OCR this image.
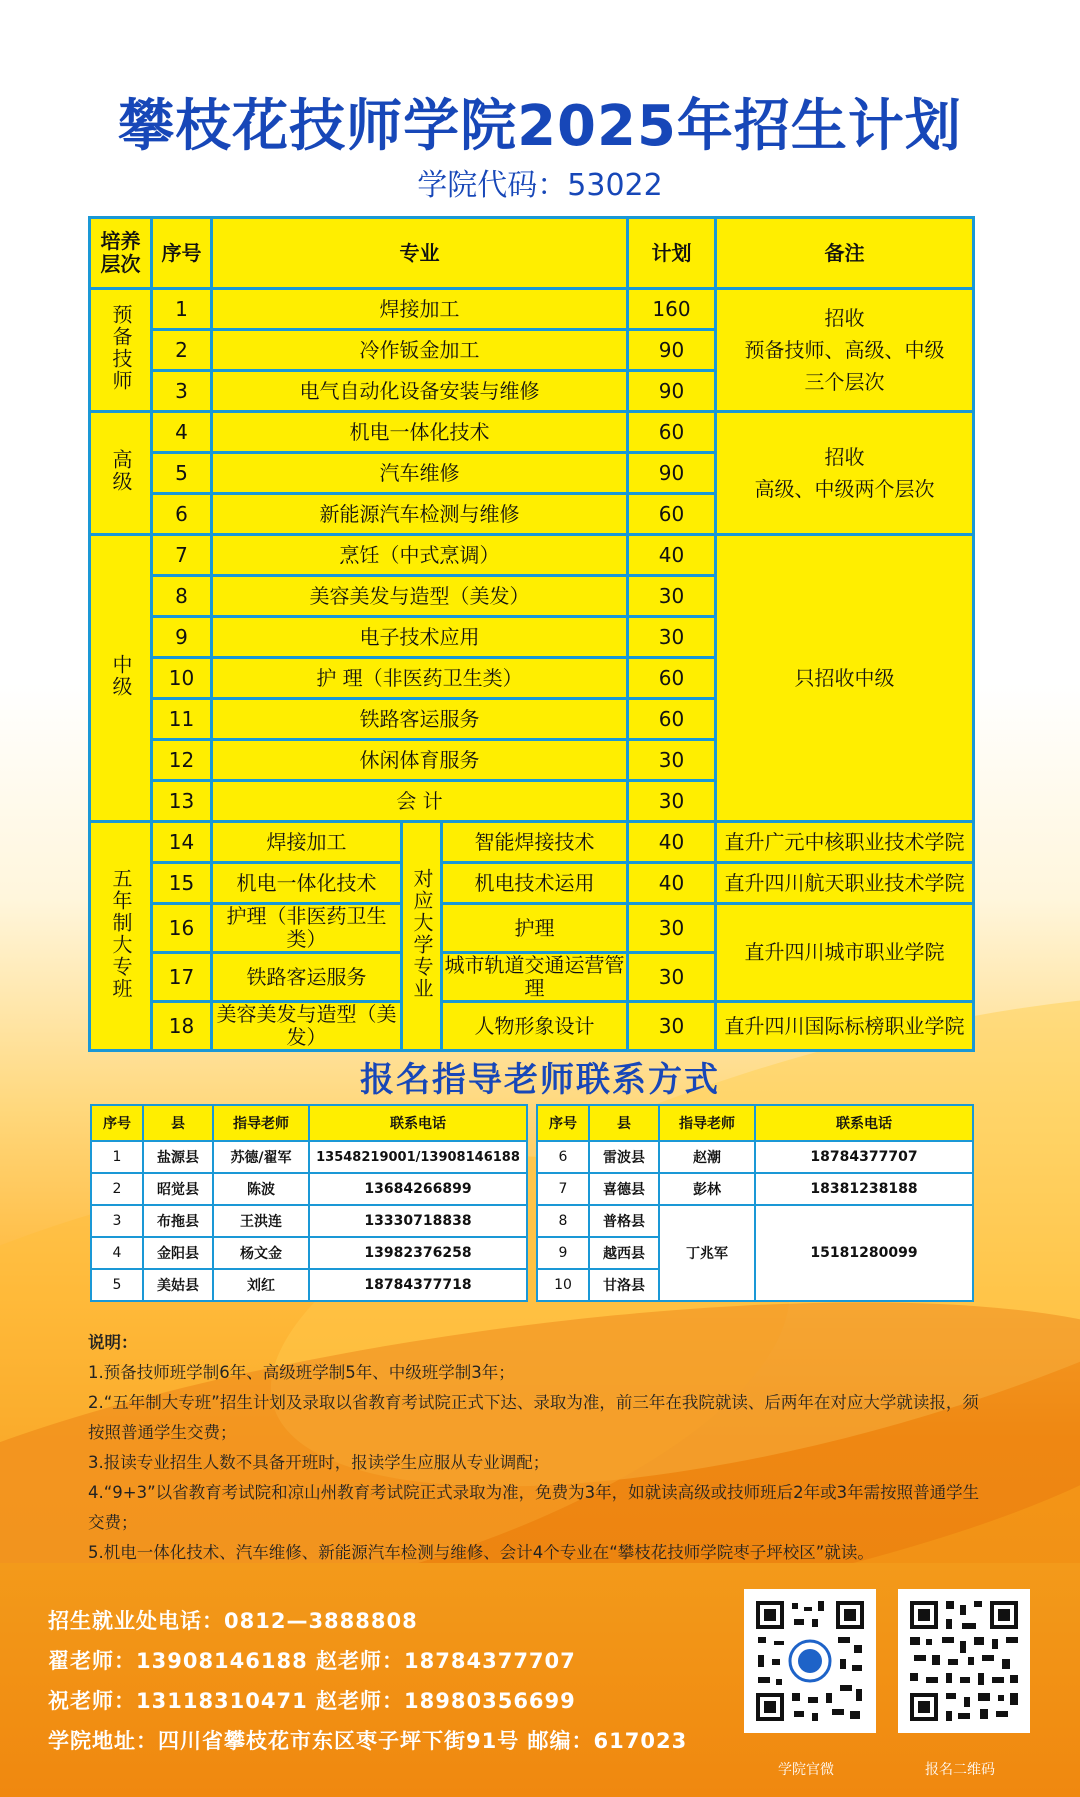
攀枝花技师学院2025年招生计划
学院代码：53022
培养层次	序号	专业			计划	备注
预备技师	1	焊接加工			160	招收
预备技师、高级、中级
三个层次
	2	冷作钣金加工			90	
	3	电气自动化设备安装与维修			90	
高级	4	机电一体化技术			60	招收
高级、中级两个层次
	5	汽车维修			90	
	6	新能源汽车检测与维修			60	
中级	7	烹饪（中式烹调）			40	只招收中级
	8	美容美发与造型（美发）			30	
	9	电子技术应用			30	
	10	护 理（非医药卫生类）			60	
	11	铁路客运服务			60	
	12	休闲体育服务			30	
	13	会 计			30	
五年制大专班	14	焊接加工	对应大学专业	智能焊接技术	40	直升广元中核职业技术学院
	15	机电一体化技术		机电技术运用	40	直升四川航天职业技术学院
	16	护理（非医药卫生类）		护理	30	直升四川城市职业学院
	17	铁路客运服务		城市轨道交通运营管理	30	
	18	美容美发与造型（美发）		人物形象设计	30	直升四川国际标榜职业学院
报名指导老师联系方式
序号	县	指导老师	联系电话
1	盐源县	苏德/翟军	13548219001/13908146188
2	昭觉县	陈波	13684266899
3	布拖县	王洪连	13330718838
4	金阳县	杨文金	13982376258
5	美姑县	刘红	18784377718
序号	县	指导老师	联系电话
6	雷波县	赵潮	18784377707
7	喜德县	彭林	18381238188
8	普格县	丁兆军	15181280099
9	越西县		
10	甘洛县		
说明：
1.预备技师班学制6年、高级班学制5年、中级班学制3年；
2.“五年制大专班”招生计划及录取以省教育考试院正式下达、录取为准，前三年在我院就读、后两年在对应大学就读报，须按照普通学生交费；
3.报读专业招生人数不具备开班时，报读学生应服从专业调配；
4.“9+3”以省教育考试院和凉山州教育考试院正式录取为准，免费为3年，如就读高级或技师班后2年或3年需按照普通学生交费；
5.机电一体化技术、汽车维修、新能源汽车检测与维修、会计4个专业在“攀枝花技师学院枣子坪校区”就读。
招生就业处电话：0812—3888808
翟老师：13908146188 赵老师：18784377707
祝老师：13118310471 赵老师：18980356699
学院地址：四川省攀枝花市东区枣子坪下街91号 邮编：617023
学院官微	报名二维码
